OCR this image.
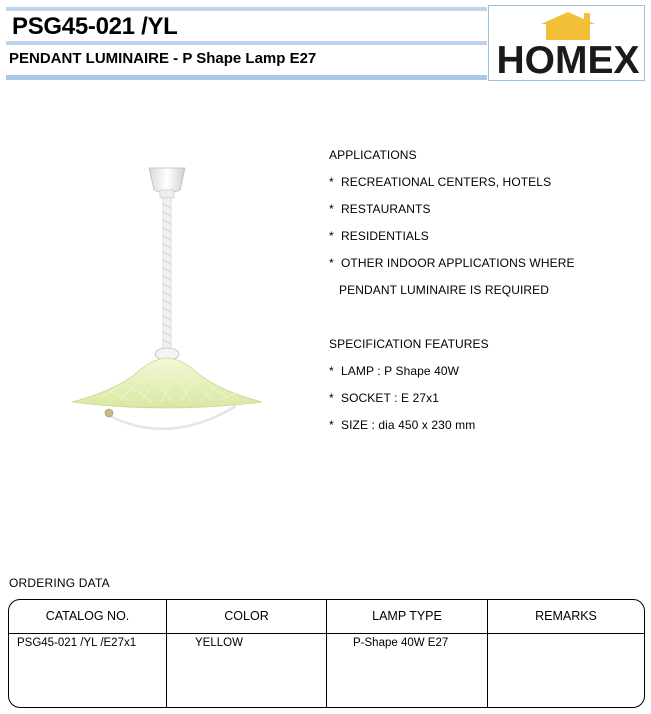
PSG45-021 /YL
PENDANT LUMINAIRE - P Shape Lamp E27	HOMEX
APPLICATIONS
* RECREATIONAL CENTERS, HOTELS
* RESTAURANTS
* RESIDENTIALS
* OTHER INDOOR APPLICATIONS WHERE
PENDANT LUMINAIRE IS REQUIRED
SPECIFICATION FEATURES
* LAMP : P Shape 40W
* SOCKET : E 27x1
* SIZE : dia 450 x 230 mm
ORDERING DATA
CATALOG NO.	COLOR	LAMP TYPE	REMARKS
PSG45-021 /YL /E27x1	YELLOW	P-Shape 40W E27
